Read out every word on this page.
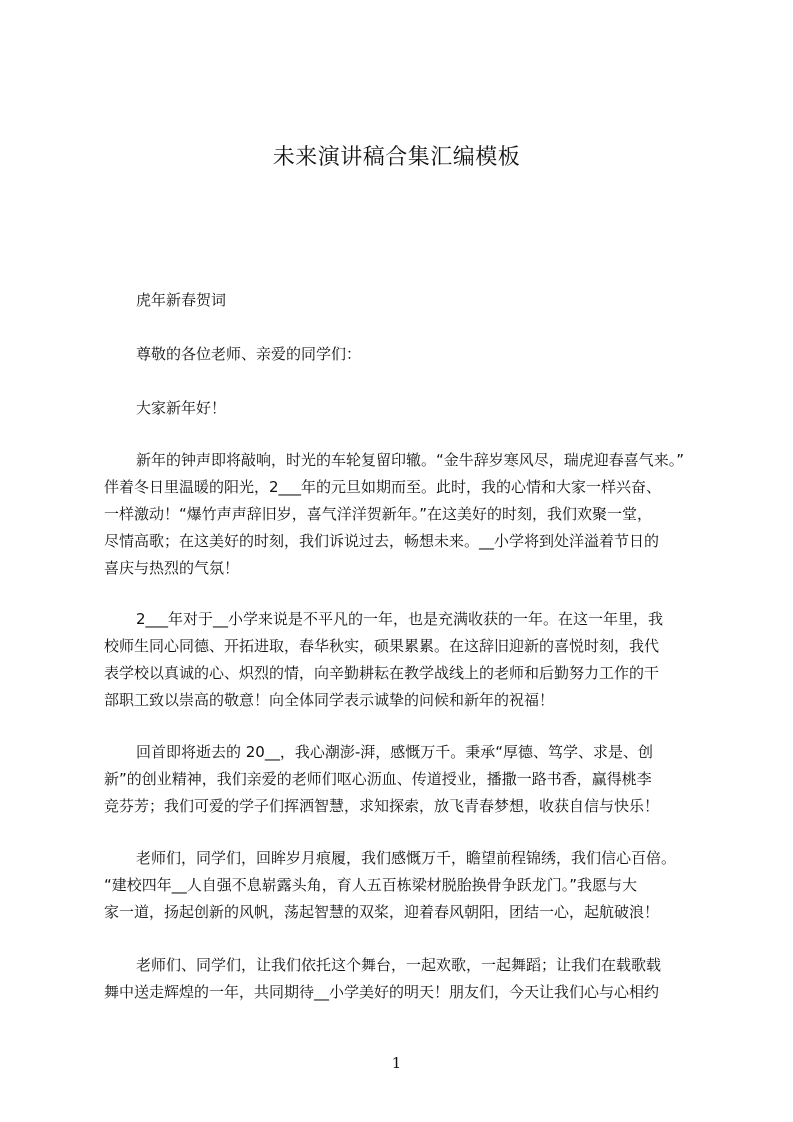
未来演讲稿合集汇编模板
虎年新春贺词
尊敬的各位老师、亲爱的同学们：
大家新年好！
新年的钟声即将敲响，时光的车轮复留印辙。“金牛辞岁寒风尽，瑞虎迎春喜气来。”
伴着冬日里温暖的阳光，2___年的元旦如期而至。此时，我的心情和大家一样兴奋、
一样激动！“爆竹声声辞旧岁，喜气洋洋贺新年。”在这美好的时刻，我们欢聚一堂，
尽情高歌；在这美好的时刻，我们诉说过去，畅想未来。__小学将到处洋溢着节日的
喜庆与热烈的气氛！
2___年对于__小学来说是不平凡的一年，也是充满收获的一年。在这一年里，我
校师生同心同德、开拓进取，春华秋实，硕果累累。在这辞旧迎新的喜悦时刻，我代
表学校以真诚的心、炽烈的情，向辛勤耕耘在教学战线上的老师和后勤努力工作的干
部职工致以崇高的敬意！向全体同学表示诚挚的问候和新年的祝福！
回首即将逝去的 20__，我心潮澎-湃，感慨万千。秉承“厚德、笃学、求是、创
新”的创业精神，我们亲爱的老师们呕心沥血、传道授业，播撒一路书香，赢得桃李
竞芬芳；我们可爱的学子们挥洒智慧，求知探索，放飞青春梦想，收获自信与快乐！
老师们，同学们，回眸岁月痕履，我们感慨万千，瞻望前程锦绣，我们信心百倍。
“建校四年__人自强不息崭露头角，育人五百栋梁材脱胎换骨争跃龙门。”我愿与大
家一道，扬起创新的风帆，荡起智慧的双桨，迎着春风朝阳，团结一心，起航破浪！
老师们、同学们，让我们依托这个舞台，一起欢歌，一起舞蹈；让我们在载歌载
舞中送走辉煌的一年，共同期待__小学美好的明天！朋友们，今天让我们心与心相约
1
